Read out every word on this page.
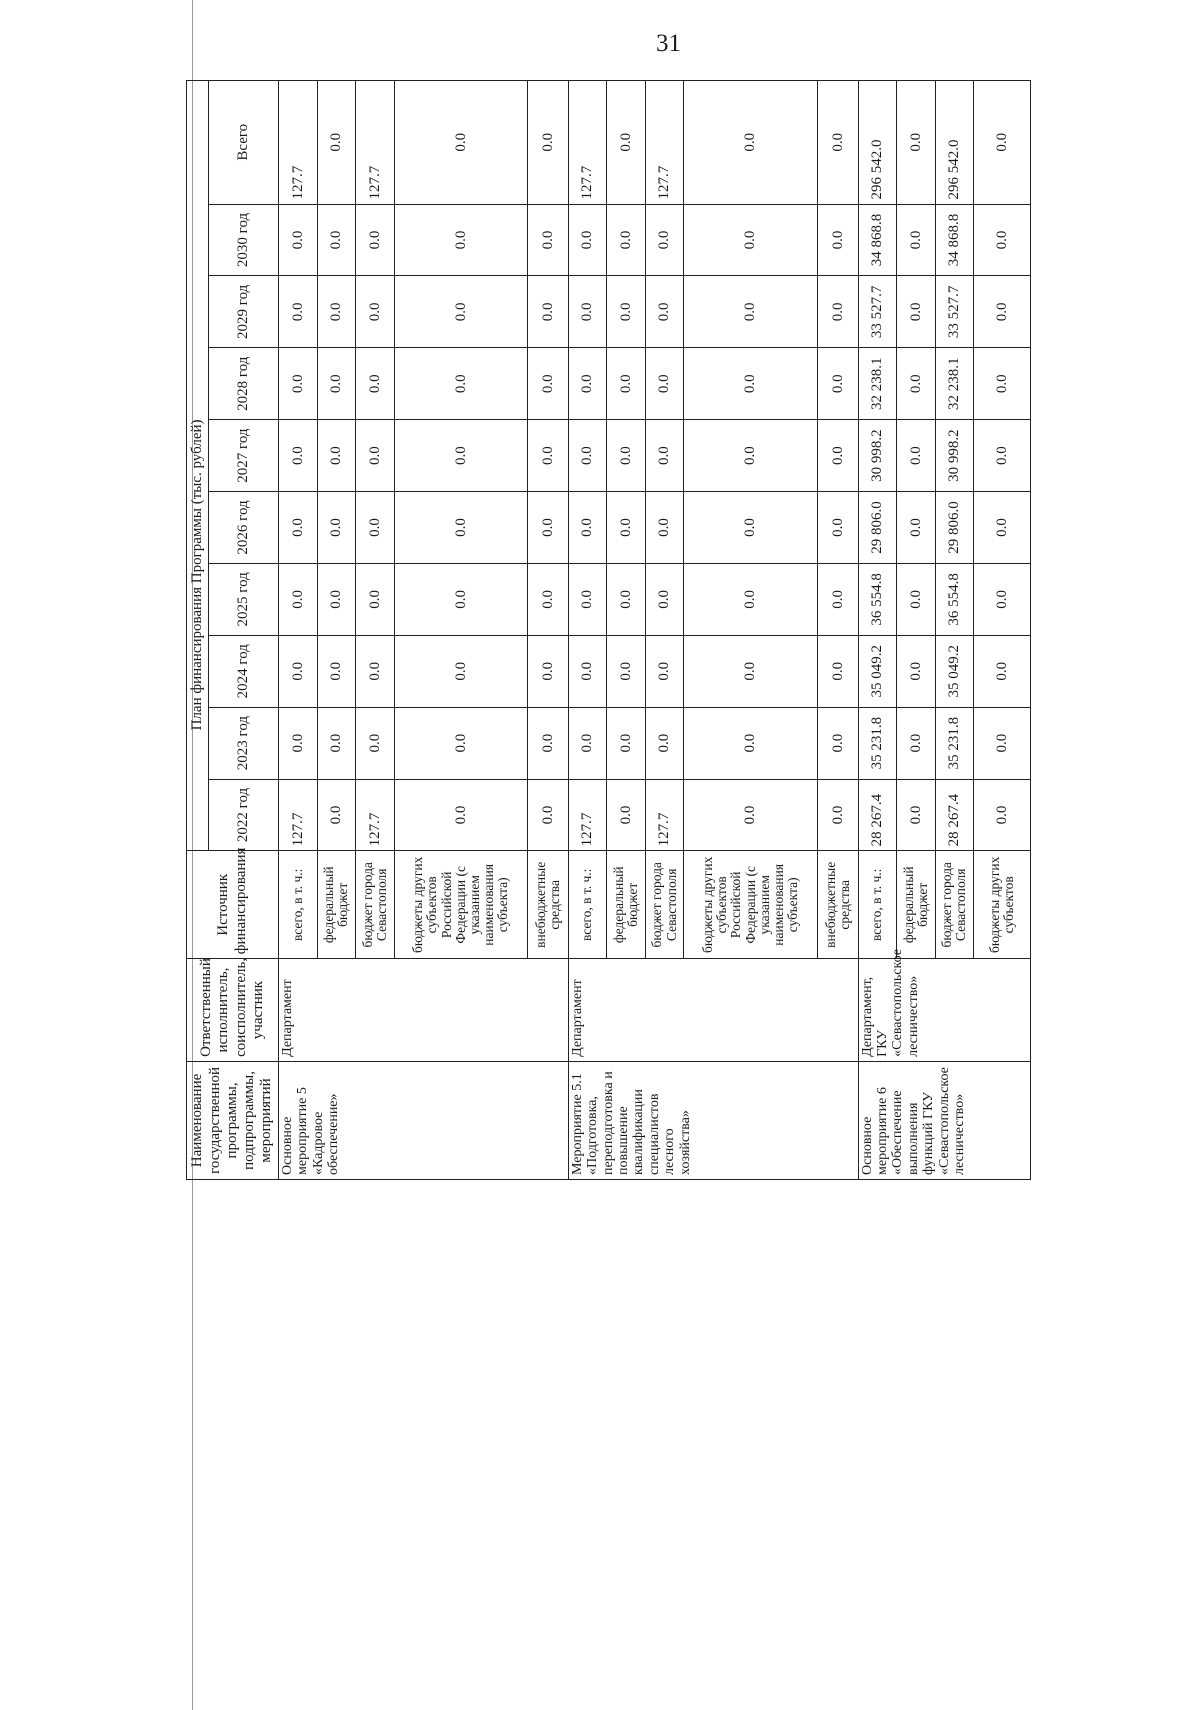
31
Наименование государственной программы, подпрограммы, мероприятий	Ответственный исполнитель, соисполнитель, участник	Источник финансирования	План финансирования Программы (тыс. рублей)									
			2022 год	2023 год	2024 год	2025 год	2026 год	2027 год	2028 год	2029 год	2030 год	Всего
Основное мероприятие 5 «Кадровое обеспечение»	Департамент	всего, в т. ч.:	127.7	0.0	0.0	0.0	0.0	0.0	0.0	0.0	0.0	127.7
		федеральный бюджет	0.0	0.0	0.0	0.0	0.0	0.0	0.0	0.0	0.0	0.0
		бюджет города Севастополя	127.7	0.0	0.0	0.0	0.0	0.0	0.0	0.0	0.0	127.7
		бюджеты других субъектов Российской Федерации (с указанием наименования субъекта)	0.0	0.0	0.0	0.0	0.0	0.0	0.0	0.0	0.0	0.0
		внебюджетные средства	0.0	0.0	0.0	0.0	0.0	0.0	0.0	0.0	0.0	0.0
Мероприятие 5.1 «Подготовка, переподготовка и повышение квалификации специалистов лесного хозяйства»	Департамент	всего, в т. ч.:	127.7	0.0	0.0	0.0	0.0	0.0	0.0	0.0	0.0	127.7
		федеральный бюджет	0.0	0.0	0.0	0.0	0.0	0.0	0.0	0.0	0.0	0.0
		бюджет города Севастополя	127.7	0.0	0.0	0.0	0.0	0.0	0.0	0.0	0.0	127.7
		бюджеты других субъектов Российской Федерации (с указанием наименования субъекта)	0.0	0.0	0.0	0.0	0.0	0.0	0.0	0.0	0.0	0.0
		внебюджетные средства	0.0	0.0	0.0	0.0	0.0	0.0	0.0	0.0	0.0	0.0
Основное мероприятие 6 «Обеспечение выполнения функций ГКУ «Севастопольское лесничество»	Департамент, ГКУ «Севастопольское лесничество»	всего, в т. ч.:	28 267.4	35 231.8	35 049.2	36 554.8	29 806.0	30 998.2	32 238.1	33 527.7	34 868.8	296 542.0
		федеральный бюджет	0.0	0.0	0.0	0.0	0.0	0.0	0.0	0.0	0.0	0.0
		бюджет города Севастополя	28 267.4	35 231.8	35 049.2	36 554.8	29 806.0	30 998.2	32 238.1	33 527.7	34 868.8	296 542.0
		бюджеты других субъектов	0.0	0.0	0.0	0.0	0.0	0.0	0.0	0.0	0.0	0.0
